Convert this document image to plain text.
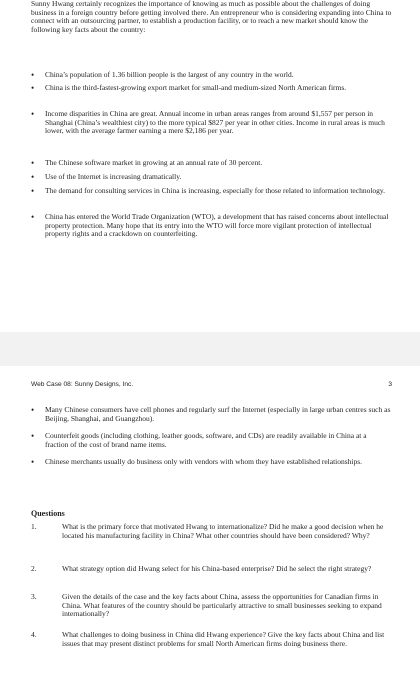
Sunny Hwang certainly recognizes the importance of knowing as much as possible about the challenges of doing business in a foreign country before getting involved there. An entrepreneur who is considering expanding into China to connect with an outsourcing partner, to establish a production facility, or to reach a new market should know the following key facts about the country:

•	China’s population of 1.36 billion people is the largest of any country in the world.
•	China is the third-fastest-growing export market for small-and medium-sized North American firms.
•	Income disparities in China are great. Annual income in urban areas ranges from around $1,557 per person in Shanghai (China’s wealthiest city) to the more typical $827 per year in other cities. Income in rural areas is much lower, with the average farmer earning a mere $2,186 per year.
•	The Chinese software market in growing at an annual rate of 30 percent.
•	Use of the Internet is increasing dramatically.
•	The demand for consulting services in China is increasing, especially for those related to information technology.
•	China has entered the World Trade Organization (WTO), a development that has raised concerns about intellectual property protection. Many hope that its entry into the WTO will force more vigilant protection of intellectual property rights and a crackdown on counterfeiting.
•	Many Chinese consumers have cell phones and regularly surf the Internet (especially in large urban centres such as Beijing, Shanghai, and Guangzhou).
•	Counterfeit goods (including clothing, leather goods, software, and CDs) are readily available in China at a fraction of the cost of brand name items.
•	Chinese merchants usually do business only with vendors with whom they have established relationships.
Web Case 08: Sunny Designs, Inc.	3
Questions
1.	What is the primary force that motivated Hwang to internationalize? Did he make a good decision when he located his manufacturing facility in China? What other countries should have been considered? Why?
2.	What strategy option did Hwang select for his China-based enterprise? Did he select the right strategy?
3.	Given the details of the case and the key facts about China, assess the opportunities for Canadian firms in China. What features of the country should be particularly attractive to small businesses seeking to expand internationally?
4.	What challenges to doing business in China did Hwang experience? Give the key facts about China and list issues that may present distinct problems for small North American firms doing business there.
